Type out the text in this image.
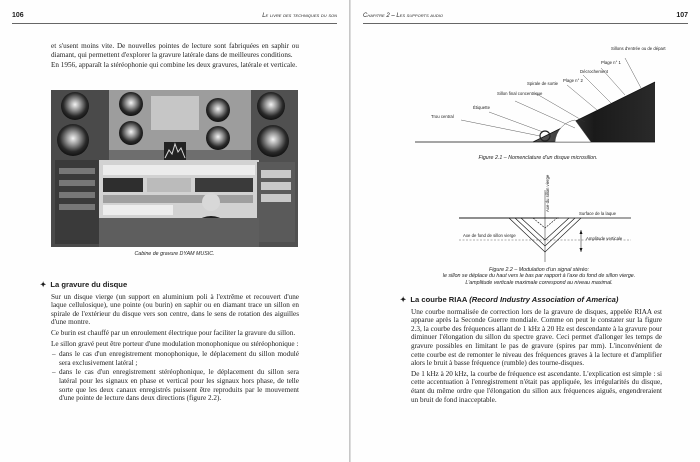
106	Le livre des techniques du son

et s'usent moins vite. De nouvelles pointes de lecture sont fabriquées en saphir ou diamant, qui permettent d'explorer la gravure latérale dans de meilleures conditions.

En 1956, apparaît la stéréophonie qui combine les deux gravures, latérale et verticale.

Cabine de gravure DYAM MUSIC.
✦ La gravure du disque

Sur un disque vierge (un support en aluminium poli à l'extrême et recouvert d'une laque cellulosique), une pointe (ou burin) en saphir ou en diamant trace un sillon en spirale de l'extérieur du disque vers son centre, dans le sens de rotation des aiguilles d'une montre.

Ce burin est chauffé par un enroulement électrique pour faciliter la gravure du sillon.

Le sillon gravé peut être porteur d'une modulation monophonique ou stéréophonique :

– dans le cas d'un enregistrement monophonique, le déplacement du sillon modulé sera exclusivement latéral ;
– dans le cas d'un enregistrement stéréophonique, le déplacement du sillon sera latéral pour les signaux en phase et vertical pour les signaux hors phase, de telle sorte que les deux canaux enregistrés puissent être reproduits par le mouvement d'une pointe de lecture dans deux directions (figure 2.2).
Chapitre 2 – Les supports audio	107
Sillons d'entrée ou de départ
Plage n° 1
Décrochement
Plage n° 2
Spirale de sortie
Sillon final concentrique
Étiquette
Trou central
Figure 2.1 – Nomenclature d'un disque microsillon.
Axe du sillon vierge
Surface de la laque
Axe de fond de sillon vierge
Amplitude verticale
Figure 2.2 – Modulation d'un signal stéréo:
le sillon se déplace du haut vers le bas par rapport à l'axe du fond de sillon vierge. L'amplitude verticale maximale correspond au niveau maximal.
✦ La courbe RIAA (Record Industry Association of America)

Une courbe normalisée de correction lors de la gravure de disques, appelée RIAA est apparue après la Seconde Guerre mondiale. Comme on peut le constater sur la figure 2.3, la courbe des fréquences allant de 1 kHz à 20 Hz est descendante à la gravure pour diminuer l'élongation du sillon du spectre grave. Ceci permet d'allonger les temps de gravure possibles en limitant le pas de gravure (spires par mm). L'inconvénient de cette courbe est de remonter le niveau des fréquences graves à la lecture et d'amplifier alors le bruit à basse fréquence (rumble) des tourne-disques.

De 1 kHz à 20 kHz, la courbe de fréquence est ascendante. L'explication est simple : si cette accentuation à l'enregistrement n'était pas appliquée, les irrégularités du disque, étant du même ordre que l'élongation du sillon aux fréquences aiguës, engendreraient un bruit de fond inacceptable.
